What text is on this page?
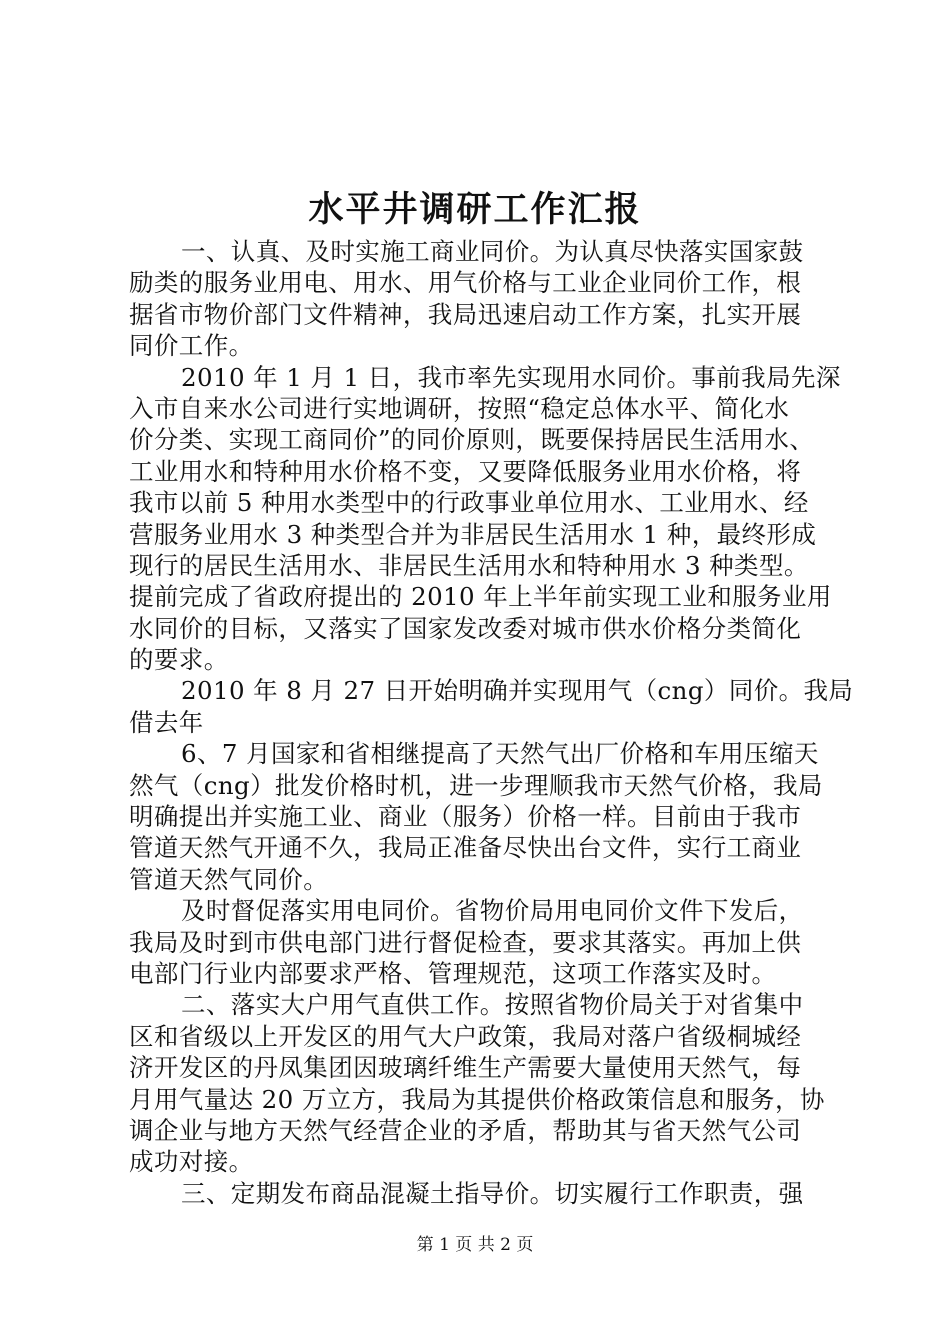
水平井调研工作汇报
一、认真、及时实施工商业同价。为认真尽快落实国家鼓
励类的服务业用电、用水、用气价格与工业企业同价工作，根
据省市物价部门文件精神，我局迅速启动工作方案，扎实开展
同价工作。
2010 年 1 月 1 日，我市率先实现用水同价。事前我局先深
入市自来水公司进行实地调研，按照“稳定总体水平、简化水
价分类、实现工商同价”的同价原则，既要保持居民生活用水、
工业用水和特种用水价格不变，又要降低服务业用水价格，将
我市以前 5 种用水类型中的行政事业单位用水、工业用水、经
营服务业用水 3 种类型合并为非居民生活用水 1 种，最终形成
现行的居民生活用水、非居民生活用水和特种用水 3 种类型。
提前完成了省政府提出的 2010 年上半年前实现工业和服务业用
水同价的目标，又落实了国家发改委对城市供水价格分类简化
的要求。
2010 年 8 月 27 日开始明确并实现用气（cng）同价。我局
借去年
6、7 月国家和省相继提高了天然气出厂价格和车用压缩天
然气（cng）批发价格时机，进一步理顺我市天然气价格，我局
明确提出并实施工业、商业（服务）价格一样。目前由于我市
管道天然气开通不久，我局正准备尽快出台文件，实行工商业
管道天然气同价。
及时督促落实用电同价。省物价局用电同价文件下发后，
我局及时到市供电部门进行督促检查，要求其落实。再加上供
电部门行业内部要求严格、管理规范，这项工作落实及时。
二、落实大户用气直供工作。按照省物价局关于对省集中
区和省级以上开发区的用气大户政策，我局对落户省级桐城经
济开发区的丹凤集团因玻璃纤维生产需要大量使用天然气，每
月用气量达 20 万立方，我局为其提供价格政策信息和服务，协
调企业与地方天然气经营企业的矛盾，帮助其与省天然气公司
成功对接。
三、定期发布商品混凝土指导价。切实履行工作职责，强
第 1 页 共 2 页
